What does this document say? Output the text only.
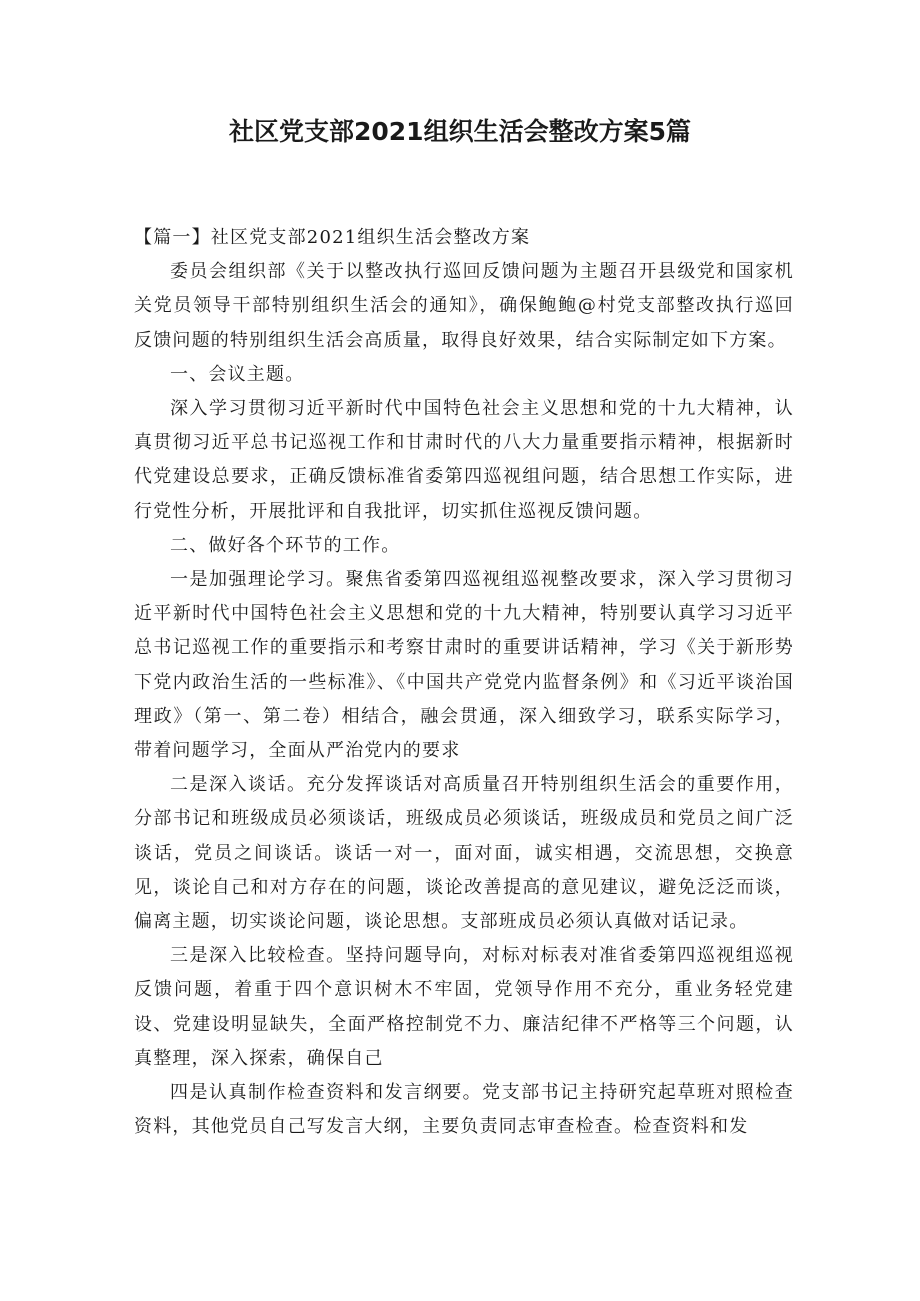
社区党支部2021组织生活会整改方案5篇

【篇一】社区党支部2021组织生活会整改方案

委员会组织部《关于以整改执行巡回反馈问题为主题召开县级党和国家机关党员领导干部特别组织生活会的通知》，确保鲍鲍@村党支部整改执行巡回反馈问题的特别组织生活会高质量，取得良好效果，结合实际制定如下方案。

一、会议主题。

深入学习贯彻习近平新时代中国特色社会主义思想和党的十九大精神，认真贯彻习近平总书记巡视工作和甘肃时代的八大力量重要指示精神，根据新时代党建设总要求，正确反馈标准省委第四巡视组问题，结合思想工作实际，进行党性分析，开展批评和自我批评，切实抓住巡视反馈问题。

二、做好各个环节的工作。

一是加强理论学习。聚焦省委第四巡视组巡视整改要求，深入学习贯彻习近平新时代中国特色社会主义思想和党的十九大精神，特别要认真学习习近平总书记巡视工作的重要指示和考察甘肃时的重要讲话精神，学习《关于新形势下党内政治生活的一些标准》、《中国共产党党内监督条例》和《习近平谈治国理政》（第一、第二卷）相结合，融会贯通，深入细致学习，联系实际学习，带着问题学习，全面从严治党内的要求

二是深入谈话。充分发挥谈话对高质量召开特别组织生活会的重要作用，分部书记和班级成员必须谈话，班级成员必须谈话，班级成员和党员之间广泛谈话，党员之间谈话。谈话一对一，面对面，诚实相遇，交流思想，交换意见，谈论自己和对方存在的问题，谈论改善提高的意见建议，避免泛泛而谈，偏离主题，切实谈论问题，谈论思想。支部班成员必须认真做对话记录。

三是深入比较检查。坚持问题导向，对标对标表对准省委第四巡视组巡视反馈问题，着重于四个意识树木不牢固，党领导作用不充分，重业务轻党建设、党建设明显缺失，全面严格控制党不力、廉洁纪律不严格等三个问题，认真整理，深入探索，确保自己

四是认真制作检查资料和发言纲要。党支部书记主持研究起草班对照检查资料，其他党员自己写发言大纲，主要负责同志审查检查。检查资料和发
